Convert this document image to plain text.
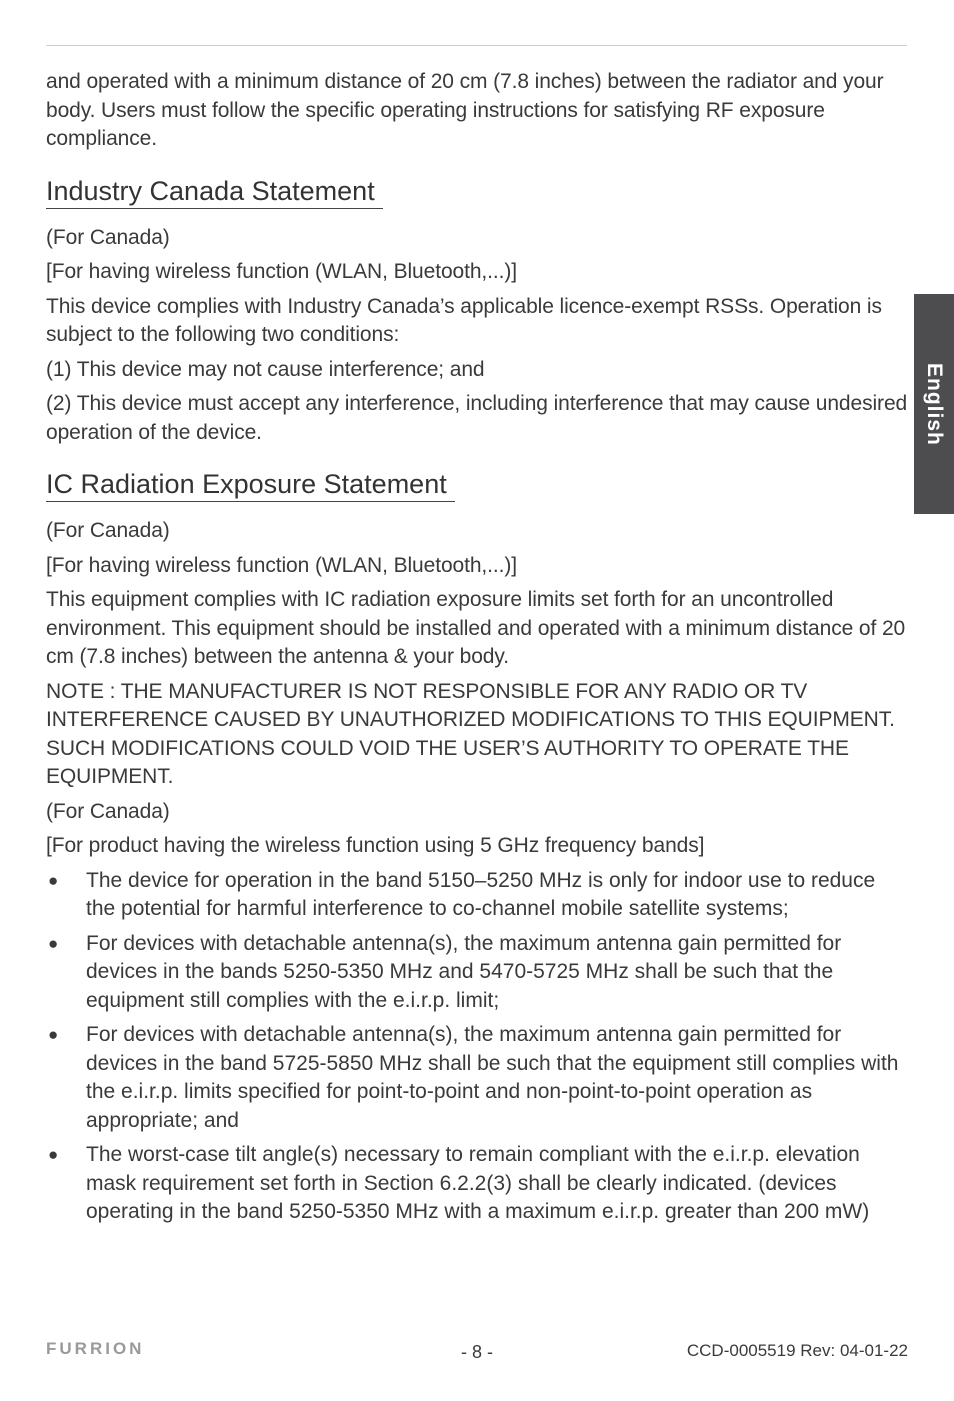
and operated with a minimum distance of 20 cm (7.8 inches) between the radiator and your body. Users must follow the specific operating instructions for satisfying RF exposure compliance.

Industry Canada Statement

(For Canada)

[For having wireless function (WLAN, Bluetooth,...)]

This device complies with Industry Canada’s applicable licence-exempt RSSs. Operation is subject to the following two conditions:

(1) This device may not cause interference; and

(2) This device must accept any interference, including interference that may cause undesired operation of the device.

IC Radiation Exposure Statement

(For Canada)

[For having wireless function (WLAN, Bluetooth,...)]

This equipment complies with IC radiation exposure limits set forth for an uncontrolled environment. This equipment should be installed and operated with a minimum distance of 20 cm (7.8 inches) between the antenna & your body.

NOTE : THE MANUFACTURER IS NOT RESPONSIBLE FOR ANY RADIO OR TV INTERFERENCE CAUSED BY UNAUTHORIZED MODIFICATIONS TO THIS EQUIPMENT. SUCH MODIFICATIONS COULD VOID THE USER’S AUTHORITY TO OPERATE THE EQUIPMENT.

(For Canada)

[For product having the wireless function using 5 GHz frequency bands]

● The device for operation in the band 5150–5250 MHz is only for indoor use to reduce the potential for harmful interference to co-channel mobile satellite systems;
● For devices with detachable antenna(s), the maximum antenna gain permitted for devices in the bands 5250-5350 MHz and 5470-5725 MHz shall be such that the equipment still complies with the e.i.r.p. limit;
● For devices with detachable antenna(s), the maximum antenna gain permitted for devices in the band 5725-5850 MHz shall be such that the equipment still complies with the e.i.r.p. limits specified for point-to-point and non-point-to-point operation as appropriate; and
● The worst-case tilt angle(s) necessary to remain compliant with the e.i.r.p. elevation mask requirement set forth in Section 6.2.2(3) shall be clearly indicated. (devices operating in the band 5250-5350 MHz with a maximum e.i.r.p. greater than 200 mW)
English
FURRION	- 8 -	CCD-0005519 Rev: 04-01-22
